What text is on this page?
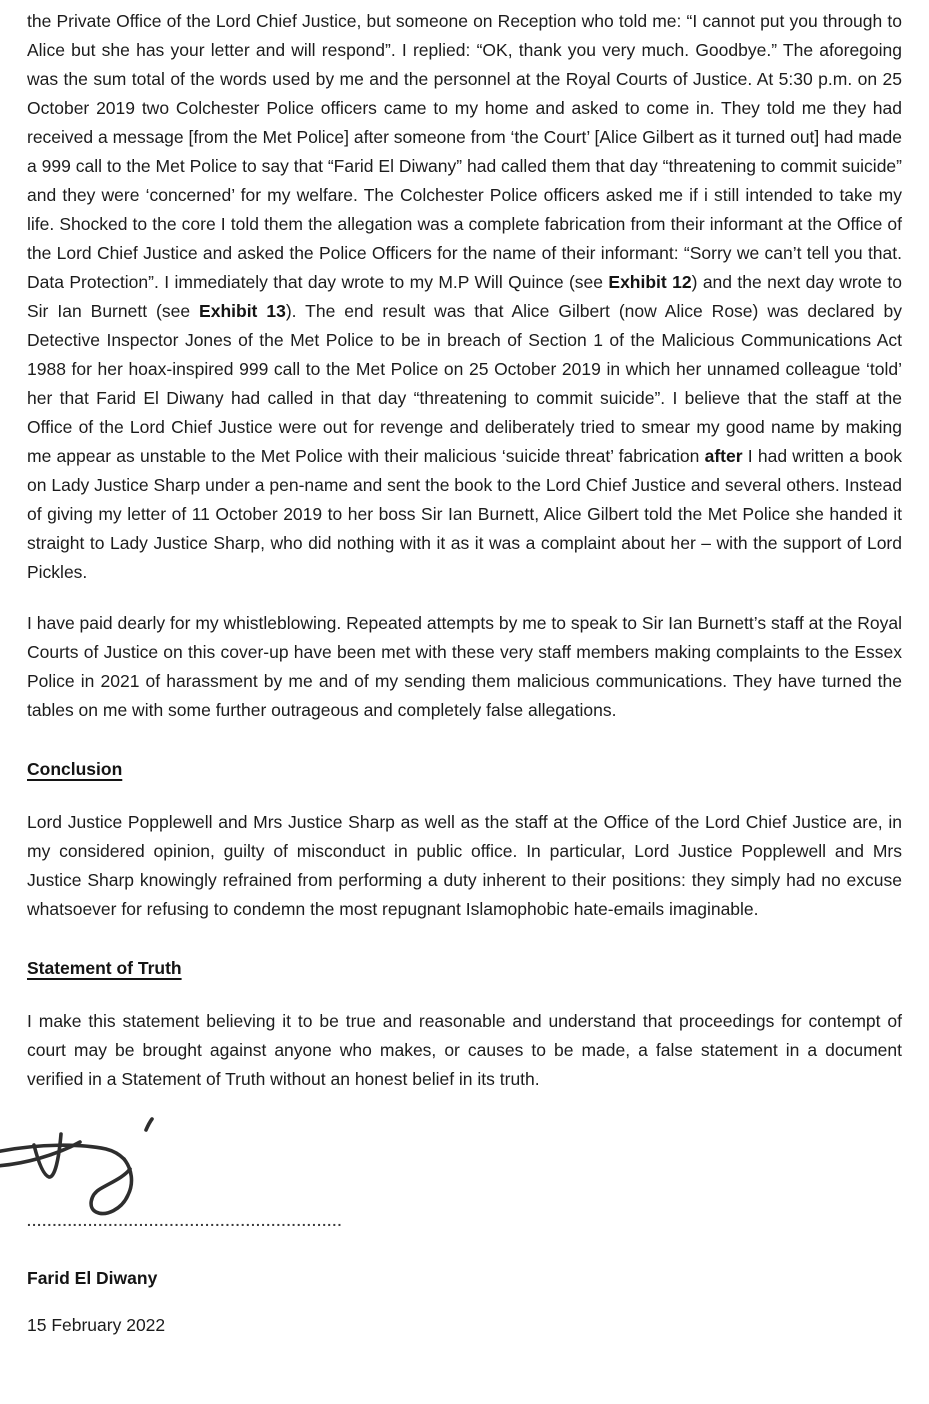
the Private Office of the Lord Chief Justice, but someone on Reception who told me: “I cannot put you through to Alice but she has your letter and will respond”. I replied: “OK, thank you very much. Goodbye.” The aforegoing was the sum total of the words used by me and the personnel at the Royal Courts of Justice. At 5:30 p.m. on 25 October 2019 two Colchester Police officers came to my home and asked to come in. They told me they had received a message [from the Met Police] after someone from ‘the Court’ [Alice Gilbert as it turned out] had made a 999 call to the Met Police to say that “Farid El Diwany” had called them that day “threatening to commit suicide” and they were ‘concerned’ for my welfare. The Colchester Police officers asked me if i still intended to take my life. Shocked to the core I told them the allegation was a complete fabrication from their informant at the Office of the Lord Chief Justice and asked the Police Officers for the name of their informant: “Sorry we can’t tell you that. Data Protection”. I immediately that day wrote to my M.P Will Quince (see Exhibit 12) and the next day wrote to Sir Ian Burnett (see Exhibit 13). The end result was that Alice Gilbert (now Alice Rose) was declared by Detective Inspector Jones of the Met Police to be in breach of Section 1 of the Malicious Communications Act 1988 for her hoax-inspired 999 call to the Met Police on 25 October 2019 in which her unnamed colleague ‘told’ her that Farid El Diwany had called in that day “threatening to commit suicide”. I believe that the staff at the Office of the Lord Chief Justice were out for revenge and deliberately tried to smear my good name by making me appear as unstable to the Met Police with their malicious ‘suicide threat’ fabrication after I had written a book on Lady Justice Sharp under a pen-name and sent the book to the Lord Chief Justice and several others. Instead of giving my letter of 11 October 2019 to her boss Sir Ian Burnett, Alice Gilbert told the Met Police she handed it straight to Lady Justice Sharp, who did nothing with it as it was a complaint about her – with the support of Lord Pickles.

I have paid dearly for my whistleblowing. Repeated attempts by me to speak to Sir Ian Burnett’s staff at the Royal Courts of Justice on this cover-up have been met with these very staff members making complaints to the Essex Police in 2021 of harassment by me and of my sending them malicious communications. They have turned the tables on me with some further outrageous and completely false allegations.

Conclusion

Lord Justice Popplewell and Mrs Justice Sharp as well as the staff at the Office of the Lord Chief Justice are, in my considered opinion, guilty of misconduct in public office. In particular, Lord Justice Popplewell and Mrs Justice Sharp knowingly refrained from performing a duty inherent to their positions: they simply had no excuse whatsoever for refusing to condemn the most repugnant Islamophobic hate-emails imaginable.

Statement of Truth

I make this statement believing it to be true and reasonable and understand that proceedings for contempt of court may be brought against anyone who makes, or causes to be made, a false statement in a document verified in a Statement of Truth without an honest belief in its truth.

..............................................................
Farid El Diwany
15 February 2022
